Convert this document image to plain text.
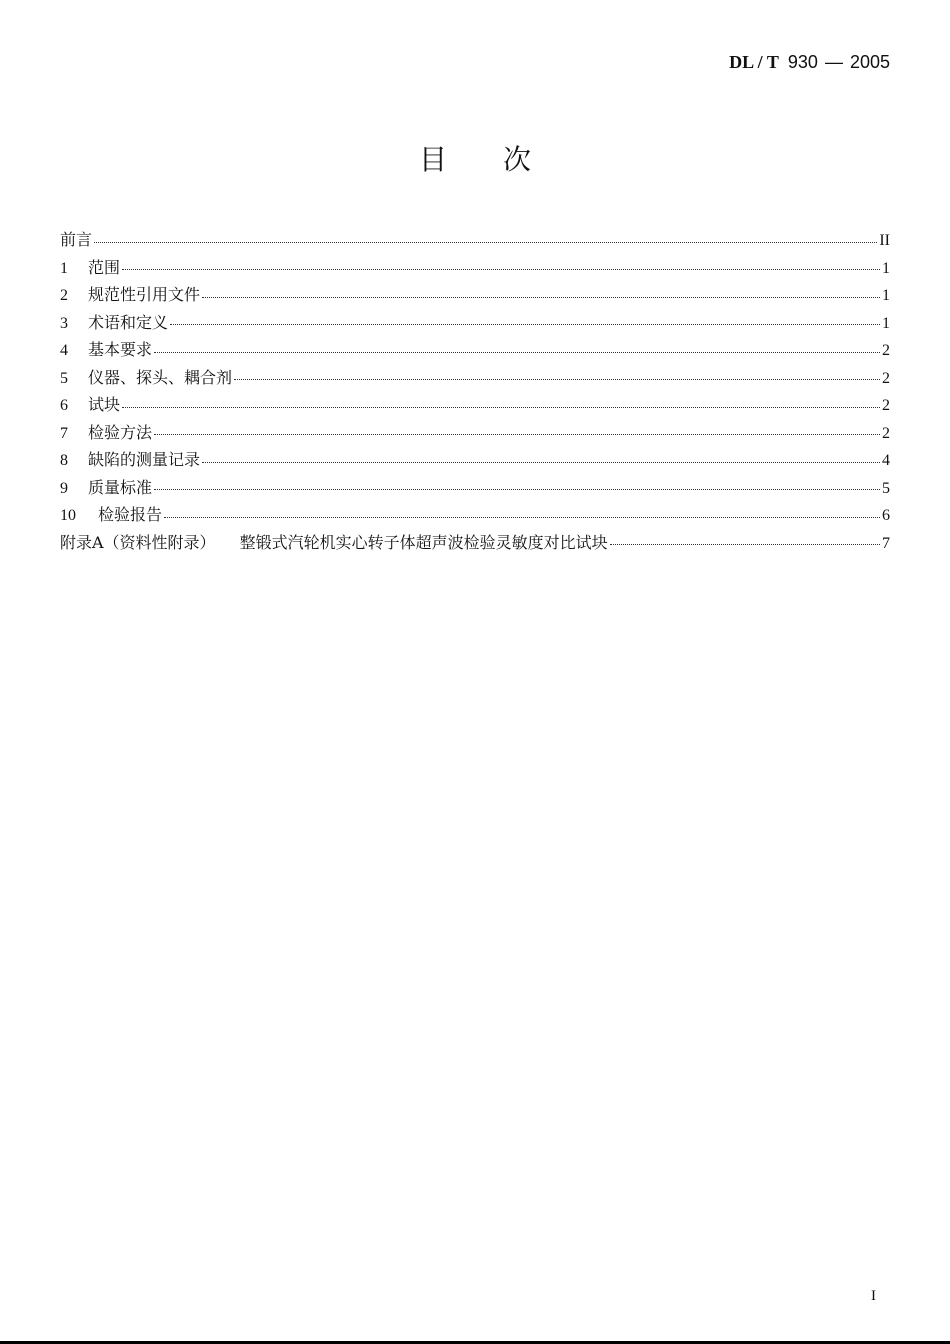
DL / T 930 — 2005
目次
前言	II
1	范围	1
2	规范性引用文件	1
3	术语和定义	1
4	基本要求	2
5	仪器、探头、耦合剂	2
6	试块	2
7	检验方法	2
8	缺陷的测量记录	4
9	质量标准	5
10	检验报告	6
附录A（资料性附录） 整锻式汽轮机实心转子体超声波检验灵敏度对比试块	7
I
